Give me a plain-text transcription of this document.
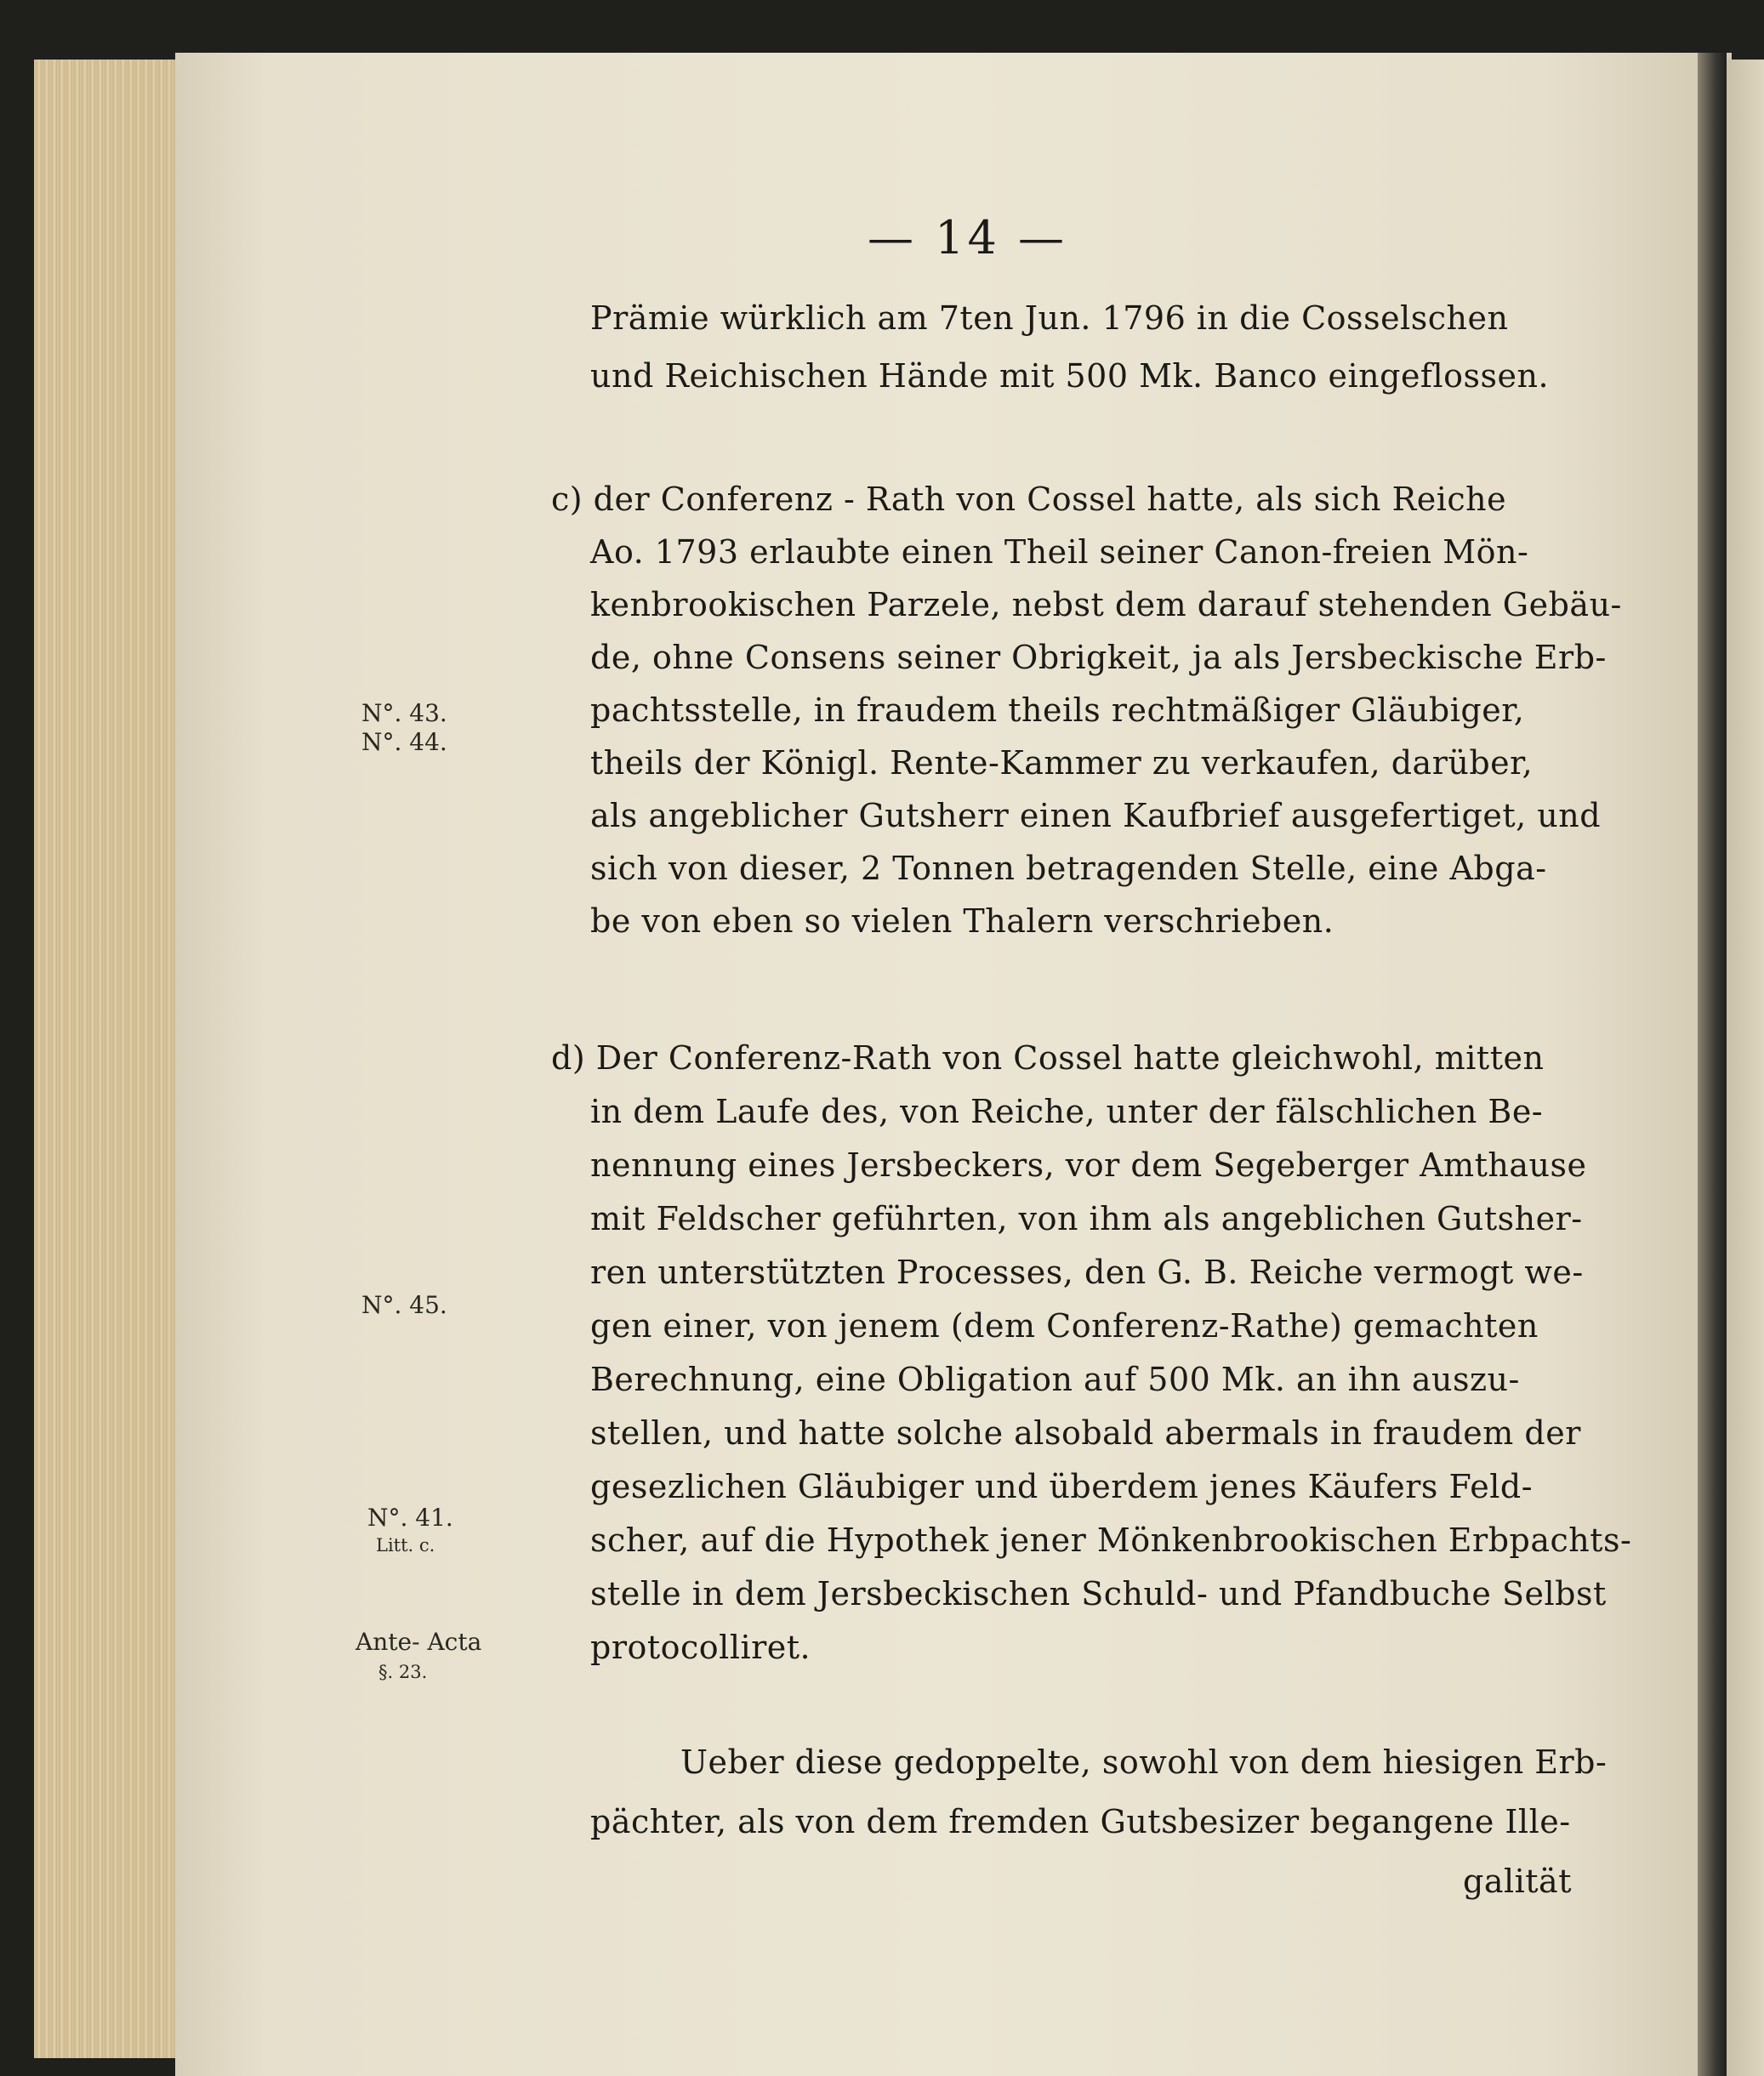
— 14 —
Prämie würklich am 7ten Jun. 1796 in die Cosselschen
und Reichischen Hände mit 500 Mk. Banco eingeflossen.
c) der Conferenz - Rath von Cossel hatte, als sich Reiche
Ao. 1793 erlaubte einen Theil seiner Canon-freien Mön-
kenbrookischen Parzele, nebst dem darauf stehenden Gebäu-
de, ohne Consens seiner Obrigkeit, ja als Jersbeckische Erb-
pachtsstelle, in fraudem theils rechtmäßiger Gläubiger,
theils der Königl. Rente-Kammer zu verkaufen, darüber,
als angeblicher Gutsherr einen Kaufbrief ausgefertiget, und
sich von dieser, 2 Tonnen betragenden Stelle, eine Abga-
be von eben so vielen Thalern verschrieben.
d) Der Conferenz-Rath von Cossel hatte gleichwohl, mitten
in dem Laufe des, von Reiche, unter der fälschlichen Be-
nennung eines Jersbeckers, vor dem Segeberger Amthause
mit Feldscher geführten, von ihm als angeblichen Gutsher-
ren unterstützten Processes, den G. B. Reiche vermogt we-
gen einer, von jenem (dem Conferenz-Rathe) gemachten
Berechnung, eine Obligation auf 500 Mk. an ihn auszu-
stellen, und hatte solche alsobald abermals in fraudem der
gesezlichen Gläubiger und überdem jenes Käufers Feld-
scher, auf die Hypothek jener Mönkenbrookischen Erbpachts-
stelle in dem Jersbeckischen Schuld- und Pfandbuche Selbst
protocolliret.
Ueber diese gedoppelte, sowohl von dem hiesigen Erb-
pächter, als von dem fremden Gutsbesizer begangene Ille-
galität
N°. 43.
N°. 44.
N°. 45.
N°. 41.
Litt. c.
Ante- Acta
§. 23.
